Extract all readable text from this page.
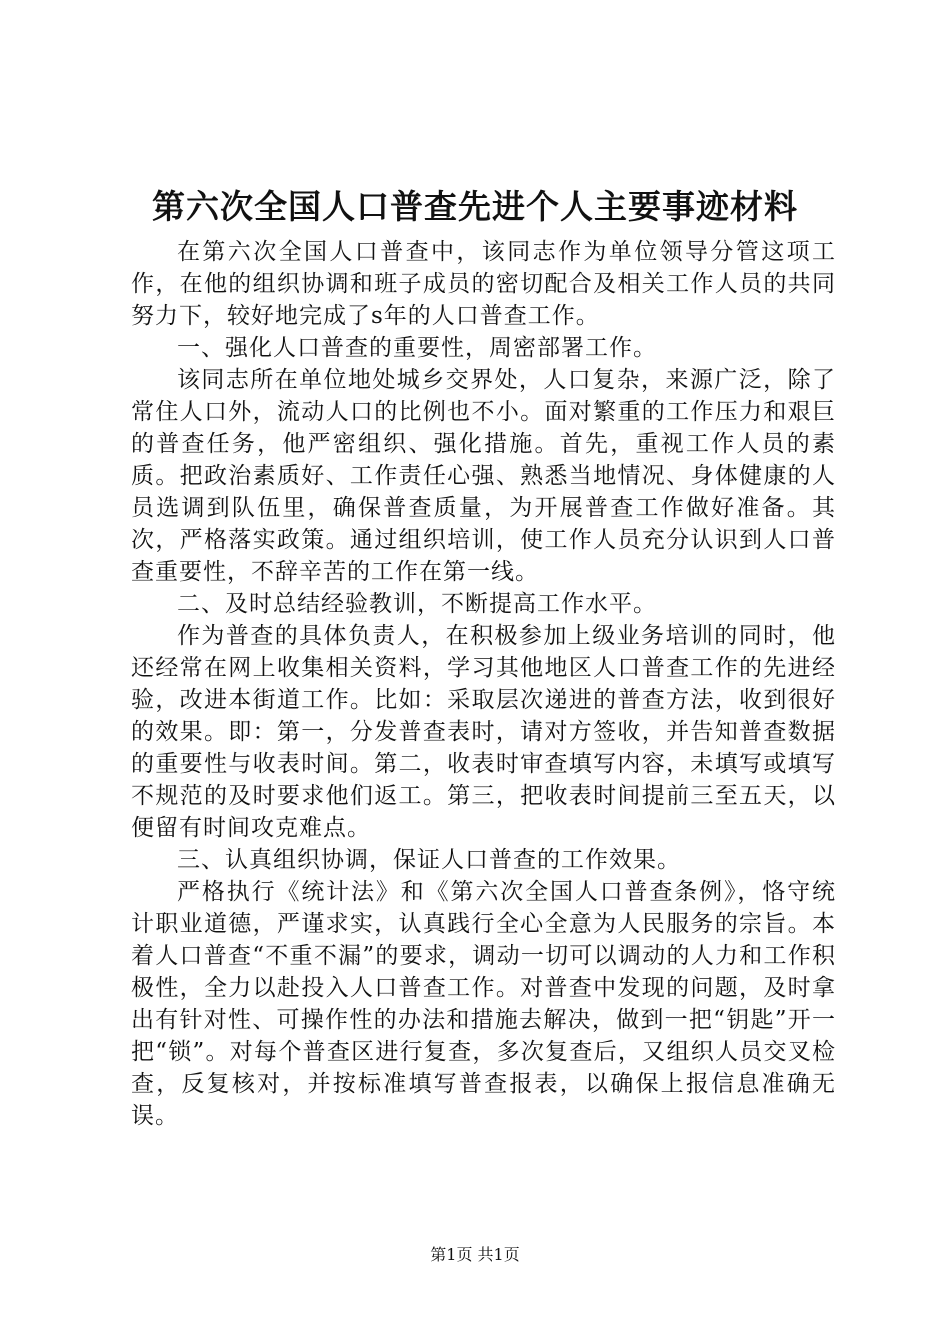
第六次全国人口普查先进个人主要事迹材料

在第六次全国人口普查中，该同志作为单位领导分管这项工作，在他的组织协调和班子成员的密切配合及相关工作人员的共同努力下，较好地完成了s年的人口普查工作。

一、强化人口普查的重要性，周密部署工作。

该同志所在单位地处城乡交界处，人口复杂，来源广泛，除了常住人口外，流动人口的比例也不小。面对繁重的工作压力和艰巨的普查任务，他严密组织、强化措施。首先，重视工作人员的素质。把政治素质好、工作责任心强、熟悉当地情况、身体健康的人员选调到队伍里，确保普查质量，为开展普查工作做好准备。其次，严格落实政策。通过组织培训，使工作人员充分认识到人口普查重要性，不辞辛苦的工作在第一线。

二、及时总结经验教训，不断提高工作水平。

作为普查的具体负责人，在积极参加上级业务培训的同时，他还经常在网上收集相关资料，学习其他地区人口普查工作的先进经验，改进本街道工作。比如：采取层次递进的普查方法，收到很好的效果。即：第一，分发普查表时，请对方签收，并告知普查数据的重要性与收表时间。第二，收表时审查填写内容，未填写或填写不规范的及时要求他们返工。第三，把收表时间提前三至五天，以便留有时间攻克难点。

三、认真组织协调，保证人口普查的工作效果。

严格执行《统计法》和《第六次全国人口普查条例》，恪守统计职业道德，严谨求实，认真践行全心全意为人民服务的宗旨。本着人口普查“不重不漏”的要求，调动一切可以调动的人力和工作积极性，全力以赴投入人口普查工作。对普查中发现的问题，及时拿出有针对性、可操作性的办法和措施去解决，做到一把“钥匙”开一把“锁”。对每个普查区进行复查，多次复查后，又组织人员交叉检查，反复核对，并按标准填写普查报表，以确保上报信息准确无误。

第1页 共1页
